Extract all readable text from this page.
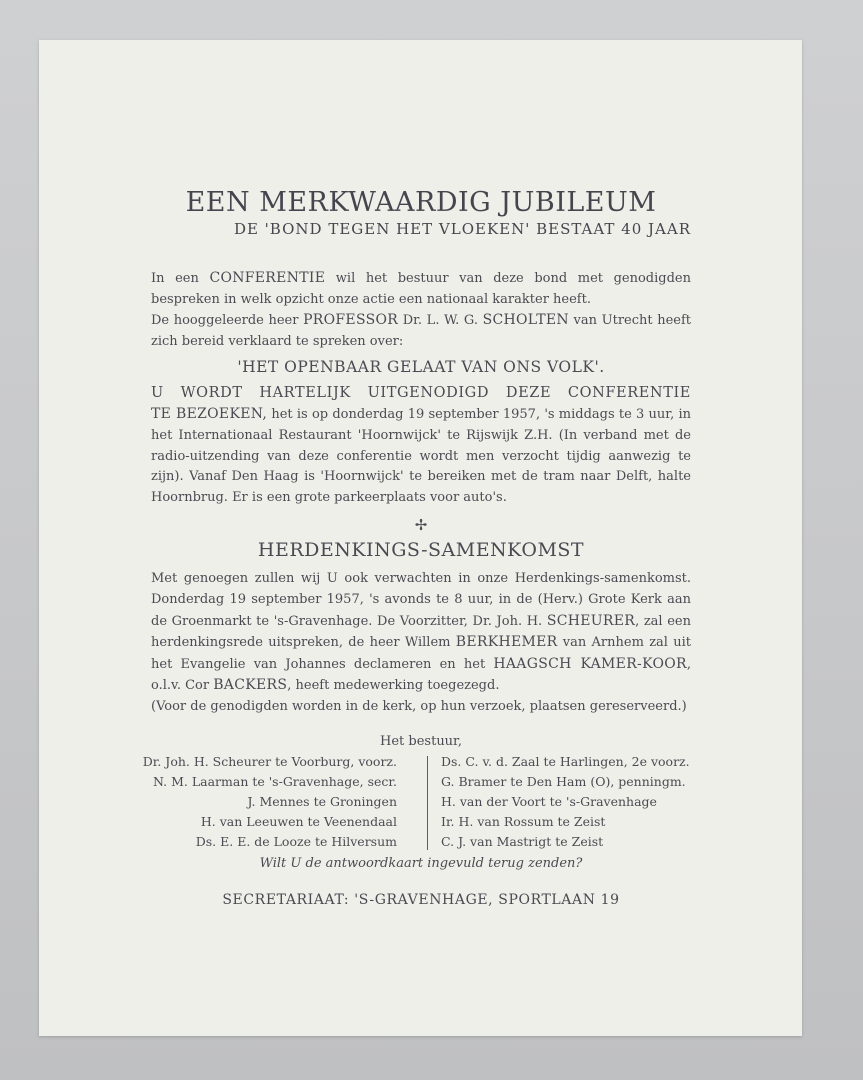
EEN MERKWAARDIG JUBILEUM
DE 'BOND TEGEN HET VLOEKEN' BESTAAT 40 JAAR

In een CONFERENTIE wil het bestuur van deze bond met genodigden bespreken in welk opzicht onze actie een nationaal karakter heeft.

De hooggeleerde heer PROFESSOR Dr. L. W. G. SCHOLTEN van Utrecht heeft zich bereid verklaard te spreken over:

'HET OPENBAAR GELAAT VAN ONS VOLK'.
U WORDT HARTELIJK UITGENODIGD DEZE CONFERENTIE

TE BEZOEKEN, het is op donderdag 19 september 1957, 's middags te 3 uur, in het Internationaal Restaurant 'Hoornwijck' te Rijswijk Z.H. (In verband met de radio-uitzending van deze conferentie wordt men verzocht tijdig aanwezig te zijn). Vanaf Den Haag is 'Hoornwijck' te bereiken met de tram naar Delft, halte Hoornbrug. Er is een grote parkeerplaats voor auto's.

✢
HERDENKINGS-SAMENKOMST

Met genoegen zullen wij U ook verwachten in onze Herdenkings-samenkomst. Donderdag 19 september 1957, 's avonds te 8 uur, in de (Herv.) Grote Kerk aan de Groenmarkt te 's-Gravenhage. De Voorzitter, Dr. Joh. H. SCHEURER, zal een herdenkingsrede uitspreken, de heer Willem BERKHEMER van Arnhem zal uit het Evangelie van Johannes declameren en het HAAGSCH KAMER-KOOR, o.l.v. Cor BACKERS, heeft medewerking toegezegd.

(Voor de genodigden worden in de kerk, op hun verzoek, plaatsen gereserveerd.)

Het bestuur,
Dr. Joh. H. Scheurer te Voorburg, voorz.
N. M. Laarman te 's-Gravenhage, secr.
J. Mennes te Groningen
H. van Leeuwen te Veenendaal
Ds. E. E. de Looze te Hilversum
Ds. C. v. d. Zaal te Harlingen, 2e voorz.
G. Bramer te Den Ham (O), penningm.
H. van der Voort te 's-Gravenhage
Ir. H. van Rossum te Zeist
C. J. van Mastrigt te Zeist
Wilt U de antwoordkaart ingevuld terug zenden?
SECRETARIAAT: 'S-GRAVENHAGE, SPORTLAAN 19
